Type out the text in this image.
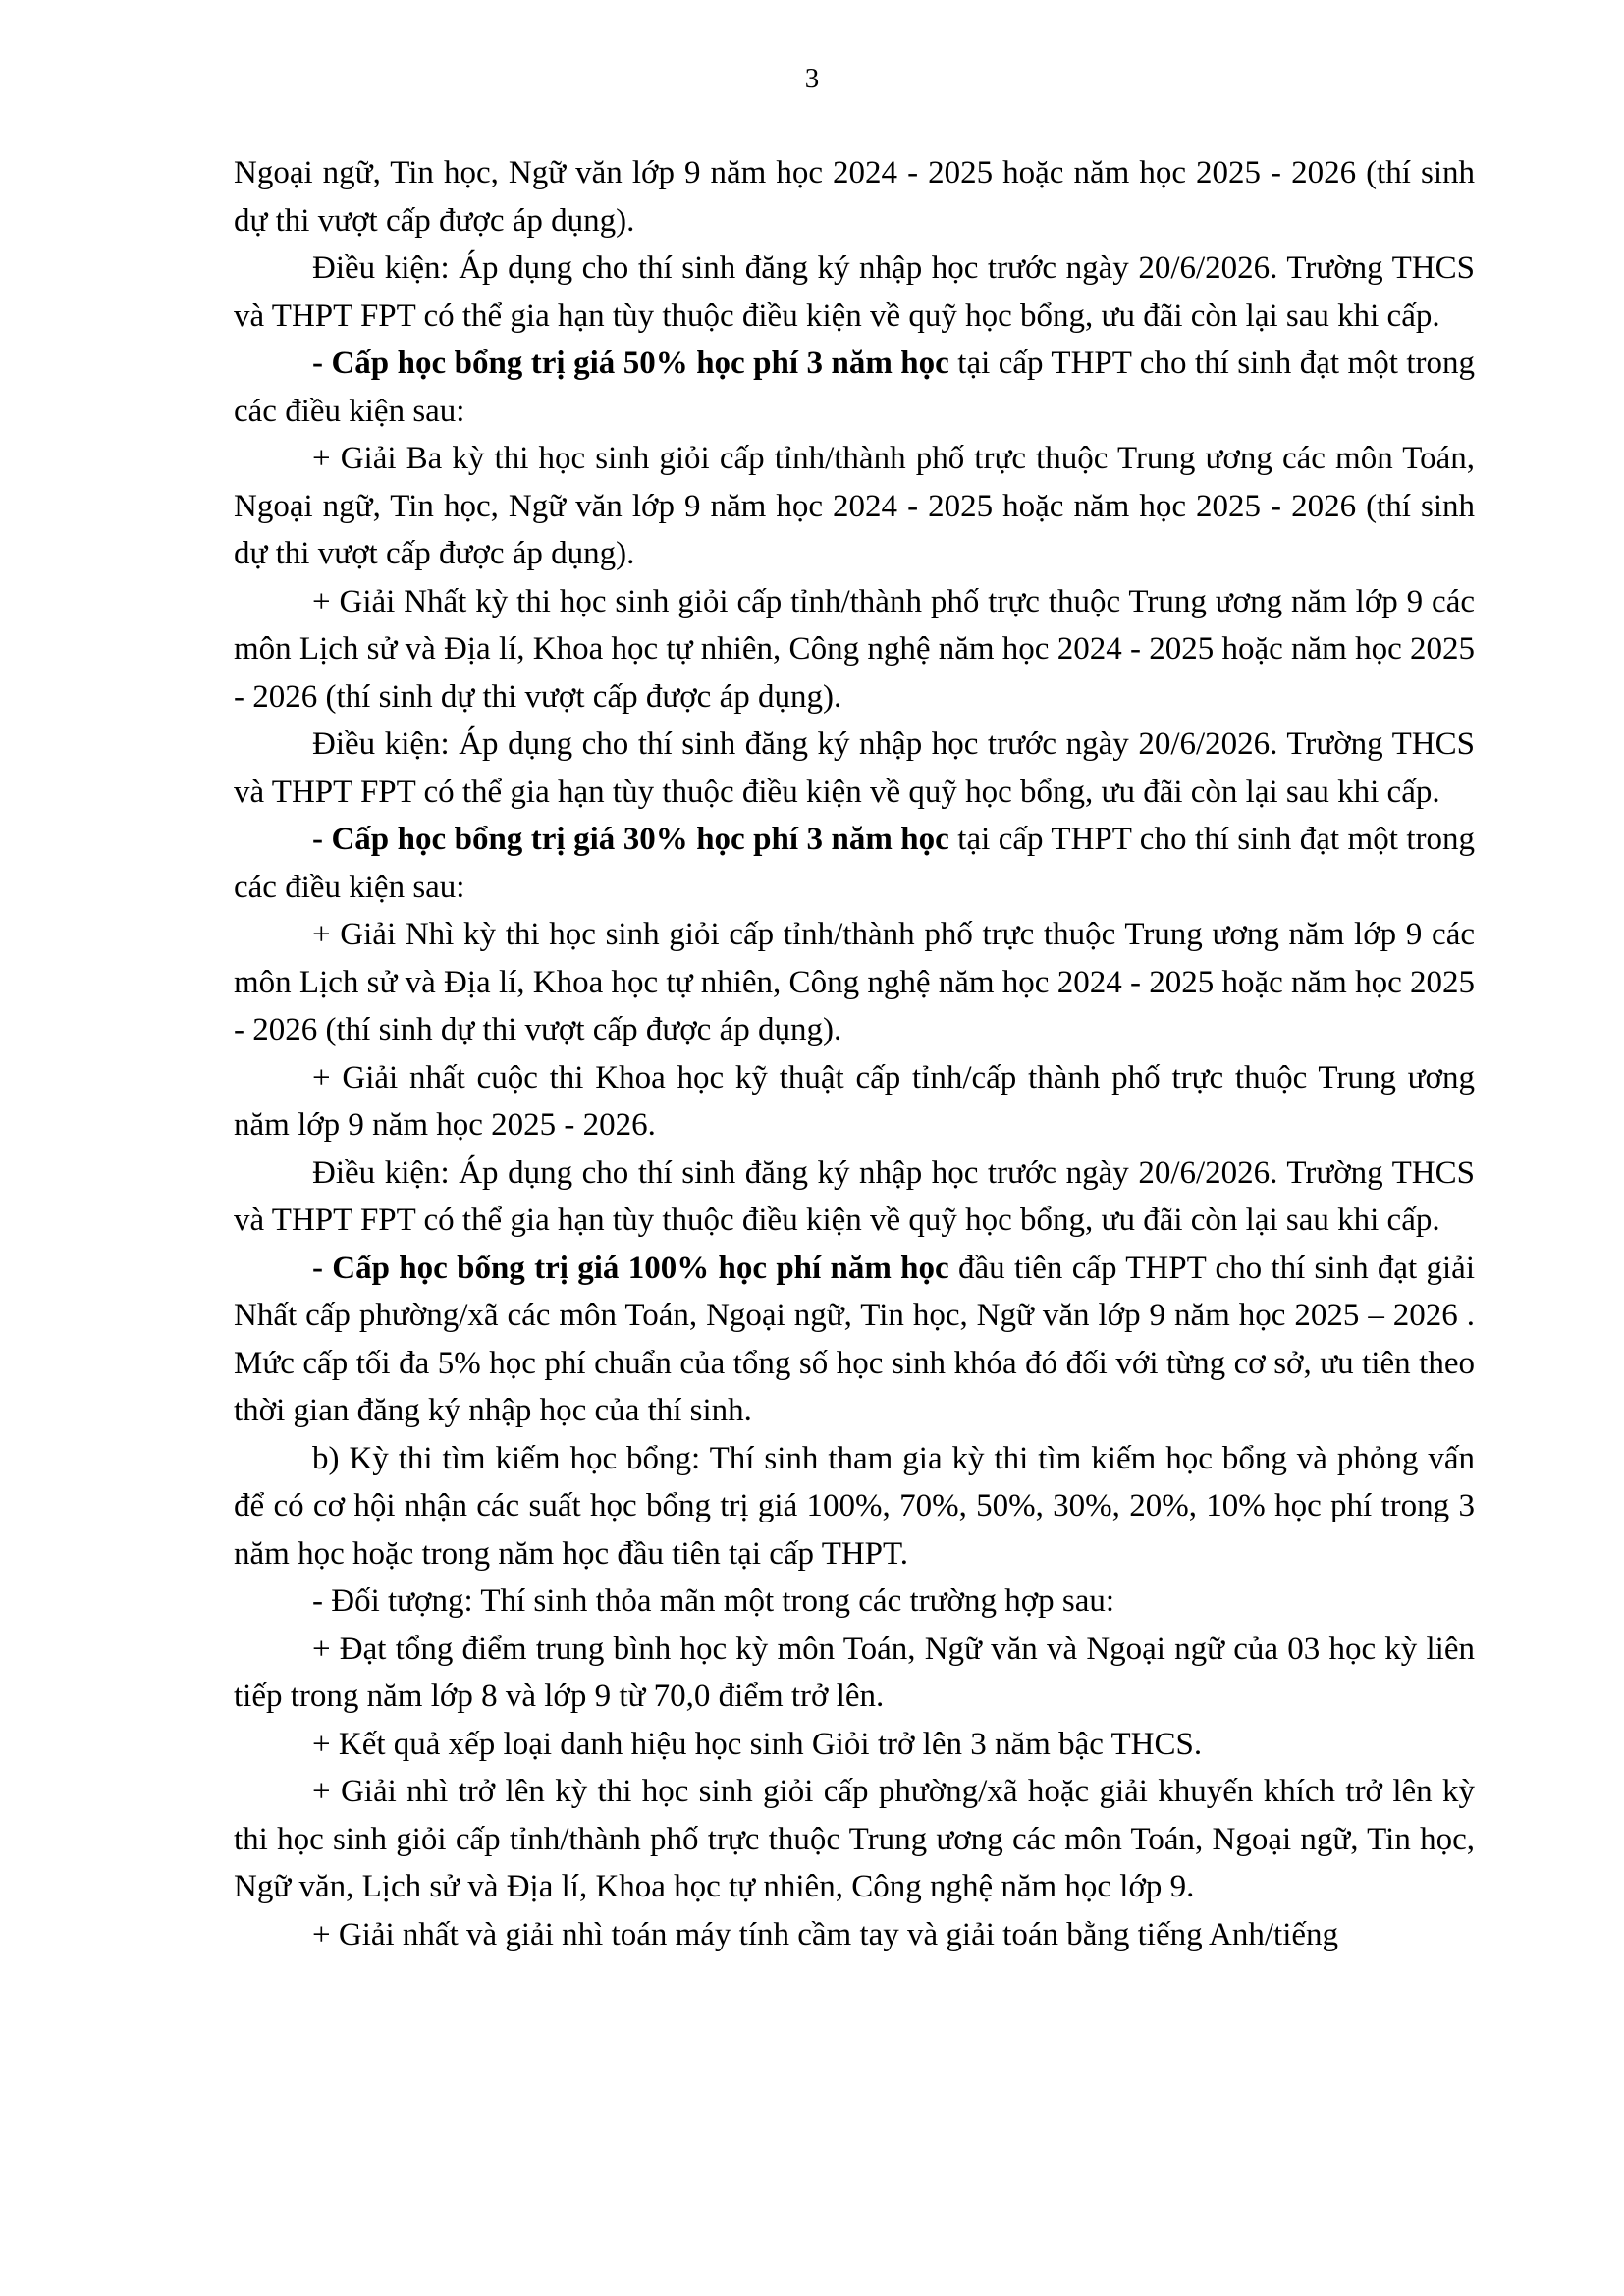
3

Ngoại ngữ, Tin học, Ngữ văn lớp 9 năm học 2024 - 2025 hoặc năm học 2025 - 2026 (thí sinh dự thi vượt cấp được áp dụng).

Điều kiện: Áp dụng cho thí sinh đăng ký nhập học trước ngày 20/6/2026. Trường THCS và THPT FPT có thể gia hạn tùy thuộc điều kiện về quỹ học bổng, ưu đãi còn lại sau khi cấp.

- Cấp học bổng trị giá 50% học phí 3 năm học tại cấp THPT cho thí sinh đạt một trong các điều kiện sau:

+ Giải Ba kỳ thi học sinh giỏi cấp tỉnh/thành phố trực thuộc Trung ương các môn Toán, Ngoại ngữ, Tin học, Ngữ văn lớp 9 năm học 2024 - 2025 hoặc năm học 2025 - 2026 (thí sinh dự thi vượt cấp được áp dụng).

+ Giải Nhất kỳ thi học sinh giỏi cấp tỉnh/thành phố trực thuộc Trung ương năm lớp 9 các môn Lịch sử và Địa lí, Khoa học tự nhiên, Công nghệ năm học 2024 - 2025 hoặc năm học 2025 - 2026 (thí sinh dự thi vượt cấp được áp dụng).

Điều kiện: Áp dụng cho thí sinh đăng ký nhập học trước ngày 20/6/2026. Trường THCS và THPT FPT có thể gia hạn tùy thuộc điều kiện về quỹ học bổng, ưu đãi còn lại sau khi cấp.

- Cấp học bổng trị giá 30% học phí 3 năm học tại cấp THPT cho thí sinh đạt một trong các điều kiện sau:

+ Giải Nhì kỳ thi học sinh giỏi cấp tỉnh/thành phố trực thuộc Trung ương năm lớp 9 các môn Lịch sử và Địa lí, Khoa học tự nhiên, Công nghệ năm học 2024 - 2025 hoặc năm học 2025 - 2026 (thí sinh dự thi vượt cấp được áp dụng).

+ Giải nhất cuộc thi Khoa học kỹ thuật cấp tỉnh/cấp thành phố trực thuộc Trung ương năm lớp 9 năm học 2025 - 2026.

Điều kiện: Áp dụng cho thí sinh đăng ký nhập học trước ngày 20/6/2026. Trường THCS và THPT FPT có thể gia hạn tùy thuộc điều kiện về quỹ học bổng, ưu đãi còn lại sau khi cấp.

- Cấp học bổng trị giá 100% học phí năm học đầu tiên cấp THPT cho thí sinh đạt giải Nhất cấp phường/xã các môn Toán, Ngoại ngữ, Tin học, Ngữ văn lớp 9 năm học 2025 – 2026 . Mức cấp tối đa 5% học phí chuẩn của tổng số học sinh khóa đó đối với từng cơ sở, ưu tiên theo thời gian đăng ký nhập học của thí sinh.

b) Kỳ thi tìm kiếm học bổng: Thí sinh tham gia kỳ thi tìm kiếm học bổng và phỏng vấn để có cơ hội nhận các suất học bổng trị giá 100%, 70%, 50%, 30%, 20%, 10% học phí trong 3 năm học hoặc trong năm học đầu tiên tại cấp THPT.

- Đối tượng: Thí sinh thỏa mãn một trong các trường hợp sau:

+ Đạt tổng điểm trung bình học kỳ môn Toán, Ngữ văn và Ngoại ngữ của 03 học kỳ liên tiếp trong năm lớp 8 và lớp 9 từ 70,0 điểm trở lên.

+ Kết quả xếp loại danh hiệu học sinh Giỏi trở lên 3 năm bậc THCS.

+ Giải nhì trở lên kỳ thi học sinh giỏi cấp phường/xã hoặc giải khuyến khích trở lên kỳ thi học sinh giỏi cấp tỉnh/thành phố trực thuộc Trung ương các môn Toán, Ngoại ngữ, Tin học, Ngữ văn, Lịch sử và Địa lí, Khoa học tự nhiên, Công nghệ năm học lớp 9.

+ Giải nhất và giải nhì toán máy tính cầm tay và giải toán bằng tiếng Anh/tiếng
